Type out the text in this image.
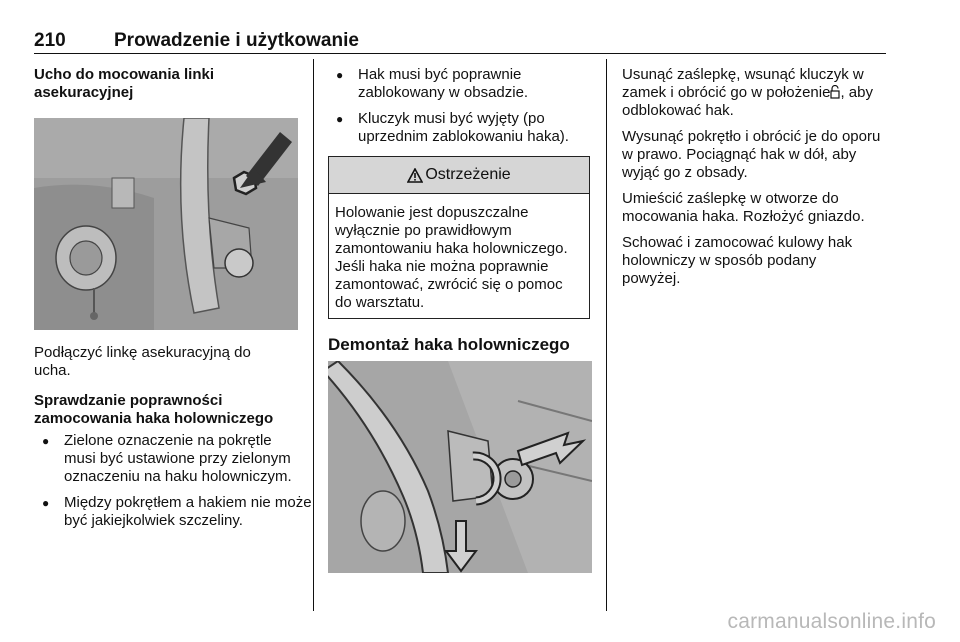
210	Prowadzenie i użytkowanie

Ucho do mocowania linki asekuracyjnej

Podłączyć linkę asekuracyjną do ucha.

Sprawdzanie poprawności zamocowania haka holowniczego

● Zielone oznaczenie na pokrętle musi być ustawione przy zielonym oznaczeniu na haku holowniczym.
● Między pokrętłem a hakiem nie może być jakiejkolwiek szczeliny.
● Hak musi być poprawnie zablokowany w obsadzie.
● Kluczyk musi być wyjęty (po uprzednim zablokowaniu haka).
Ostrzeżenie
Holowanie jest dopuszczalne wyłącznie po prawidłowym zamontowaniu haka holowniczego. Jeśli haka nie można poprawnie zamontować, zwrócić się o pomoc do warsztatu.
Demontaż haka holowniczego

Usunąć zaślepkę, wsunąć kluczyk w zamek i obrócić go w położenie , aby odblokować hak.

Wysunąć pokrętło i obrócić je do oporu w prawo. Pociągnąć hak w dół, aby wyjąć go z obsady.

Umieścić zaślepkę w otworze do mocowania haka. Rozłożyć gniazdo.

Schować i zamocować kulowy hak holowniczy w sposób podany powyżej.

carmanualsonline.info
